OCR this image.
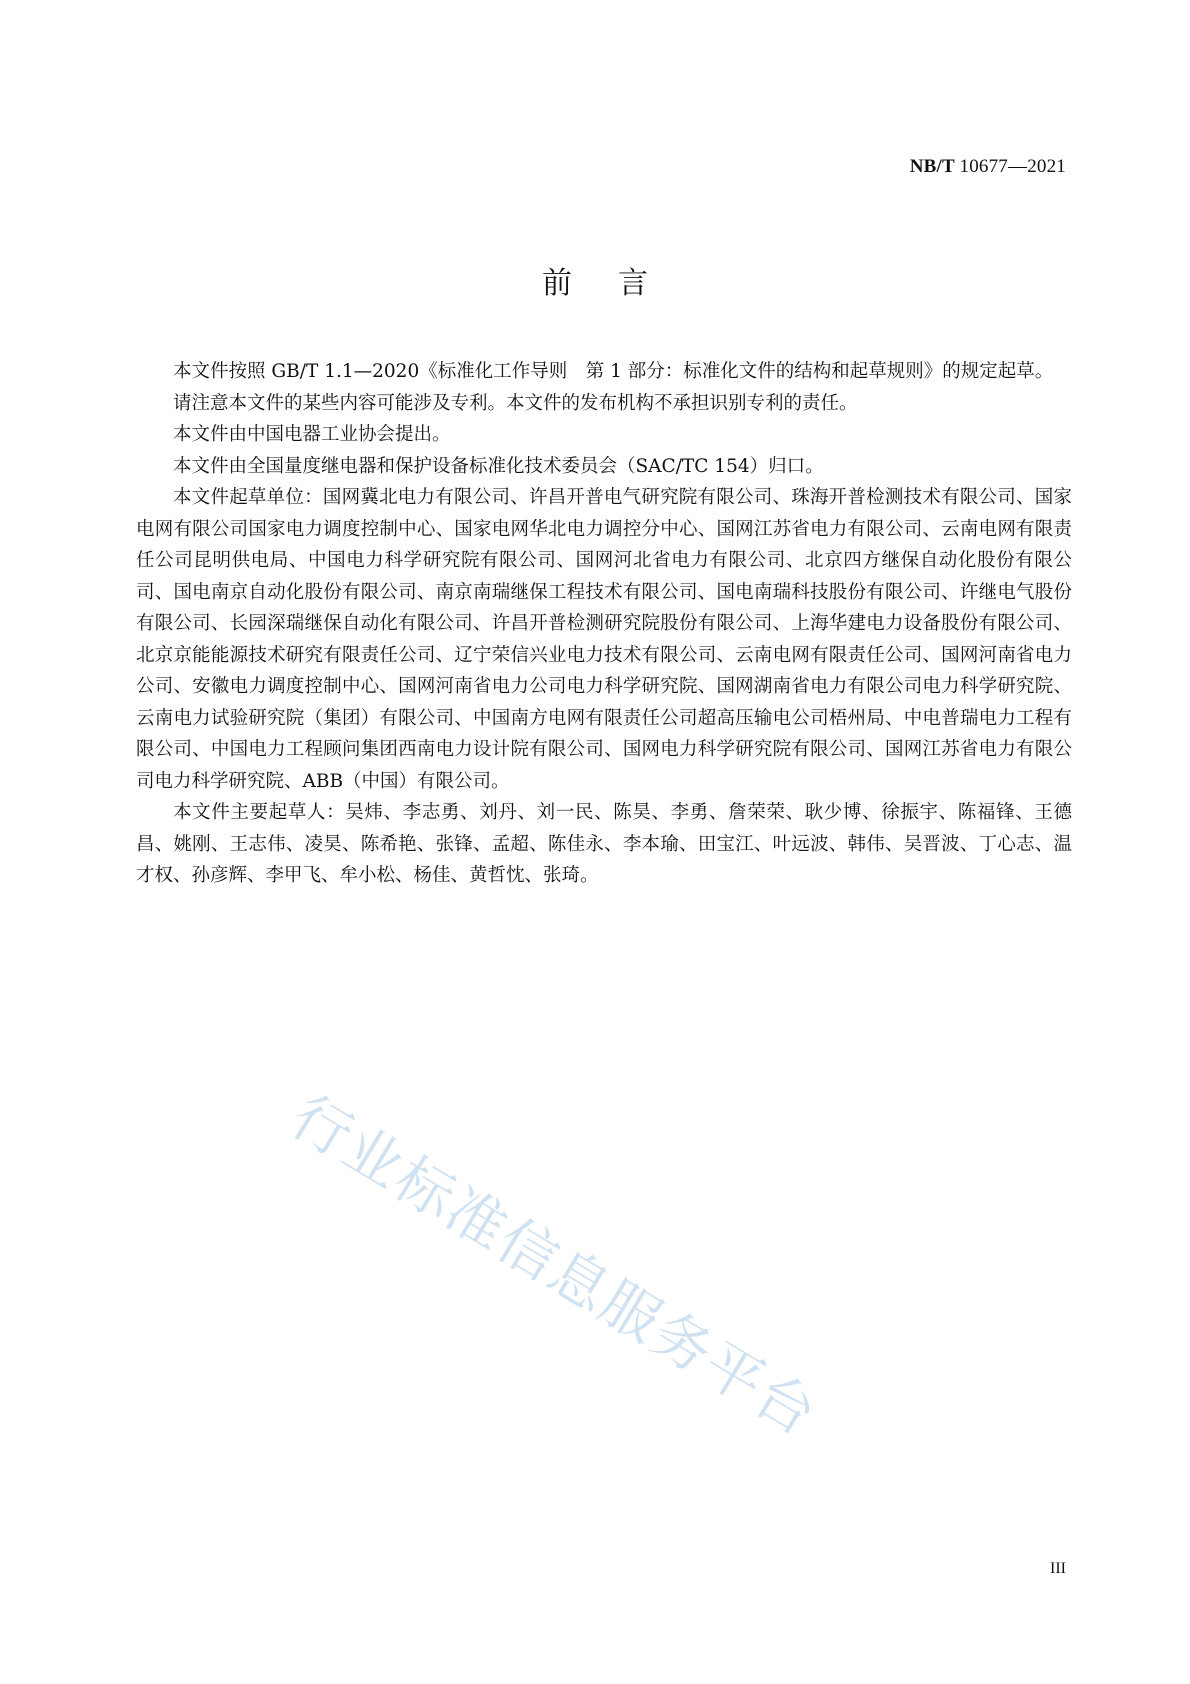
NB/T 10677—2021
前言

本文件按照 GB/T 1.1—2020《标准化工作导则　第 1 部分：标准化文件的结构和起草规则》的规定起草。

请注意本文件的某些内容可能涉及专利。本文件的发布机构不承担识别专利的责任。

本文件由中国电器工业协会提出。

本文件由全国量度继电器和保护设备标准化技术委员会（SAC/TC 154）归口。

本文件起草单位：国网冀北电力有限公司、许昌开普电气研究院有限公司、珠海开普检测技术有限公司、国家电网有限公司国家电力调度控制中心、国家电网华北电力调控分中心、国网江苏省电力有限公司、云南电网有限责任公司昆明供电局、中国电力科学研究院有限公司、国网河北省电力有限公司、北京四方继保自动化股份有限公司、国电南京自动化股份有限公司、南京南瑞继保工程技术有限公司、国电南瑞科技股份有限公司、许继电气股份有限公司、长园深瑞继保自动化有限公司、许昌开普检测研究院股份有限公司、上海华建电力设备股份有限公司、北京京能能源技术研究有限责任公司、辽宁荣信兴业电力技术有限公司、云南电网有限责任公司、国网河南省电力公司、安徽电力调度控制中心、国网河南省电力公司电力科学研究院、国网湖南省电力有限公司电力科学研究院、云南电力试验研究院（集团）有限公司、中国南方电网有限责任公司超高压输电公司梧州局、中电普瑞电力工程有限公司、中国电力工程顾问集团西南电力设计院有限公司、国网电力科学研究院有限公司、国网江苏省电力有限公司电力科学研究院、ABB（中国）有限公司。

本文件主要起草人：吴炜、李志勇、刘丹、刘一民、陈昊、李勇、詹荣荣、耿少博、徐振宇、陈福锋、王德昌、姚刚、王志伟、凌昊、陈希艳、张锋、孟超、陈佳永、李本瑜、田宝江、叶远波、韩伟、吴晋波、丁心志、温才权、孙彦辉、李甲飞、牟小松、杨佳、黄哲忱、张琦。

行业标准信息服务平台
III
